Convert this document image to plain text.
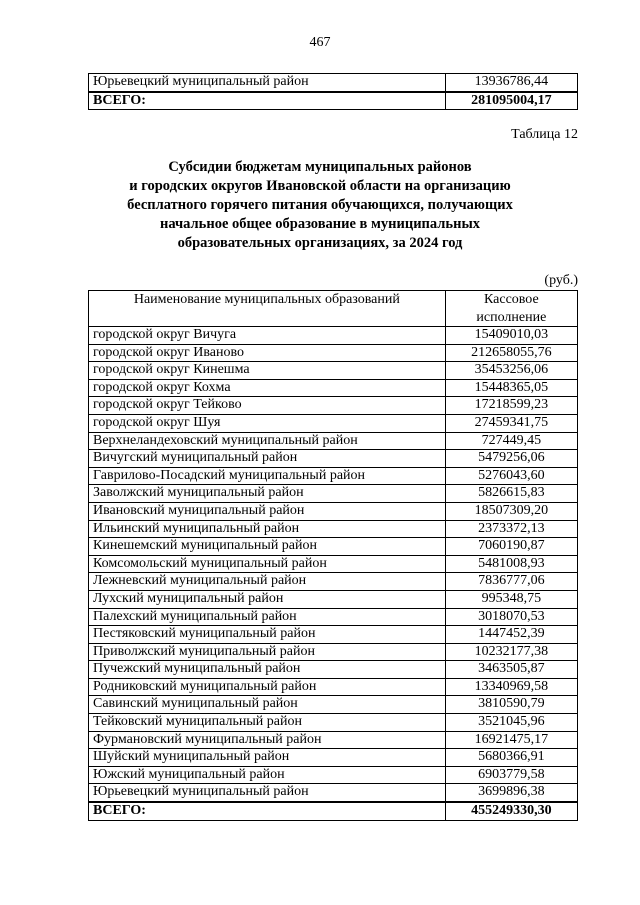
467
Юрьевецкий муниципальный район	13936786,44
ВСЕГО:	281095004,17
Таблица 12
Субсидии бюджетам муниципальных районов
и городских округов Ивановской области на организацию
бесплатного горячего питания обучающихся, получающих
начальное общее образование в муниципальных
образовательных организациях, за 2024 год
(руб.)
Наименование муниципальных образований	Кассовое исполнение
городской округ Вичуга	15409010,03
городской округ Иваново	212658055,76
городской округ Кинешма	35453256,06
городской округ Кохма	15448365,05
городской округ Тейково	17218599,23
городской округ Шуя	27459341,75
Верхнеландеховский муниципальный район	727449,45
Вичугский муниципальный район	5479256,06
Гаврилово-Посадский муниципальный район	5276043,60
Заволжский муниципальный район	5826615,83
Ивановский муниципальный район	18507309,20
Ильинский муниципальный район	2373372,13
Кинешемский муниципальный район	7060190,87
Комсомольский муниципальный район	5481008,93
Лежневский муниципальный район	7836777,06
Лухский муниципальный район	995348,75
Палехский муниципальный район	3018070,53
Пестяковский муниципальный район	1447452,39
Приволжский муниципальный район	10232177,38
Пучежский муниципальный район	3463505,87
Родниковский муниципальный район	13340969,58
Савинский муниципальный район	3810590,79
Тейковский муниципальный район	3521045,96
Фурмановский муниципальный район	16921475,17
Шуйский муниципальный район	5680366,91
Южский муниципальный район	6903779,58
Юрьевецкий муниципальный район	3699896,38
ВСЕГО:	455249330,30
